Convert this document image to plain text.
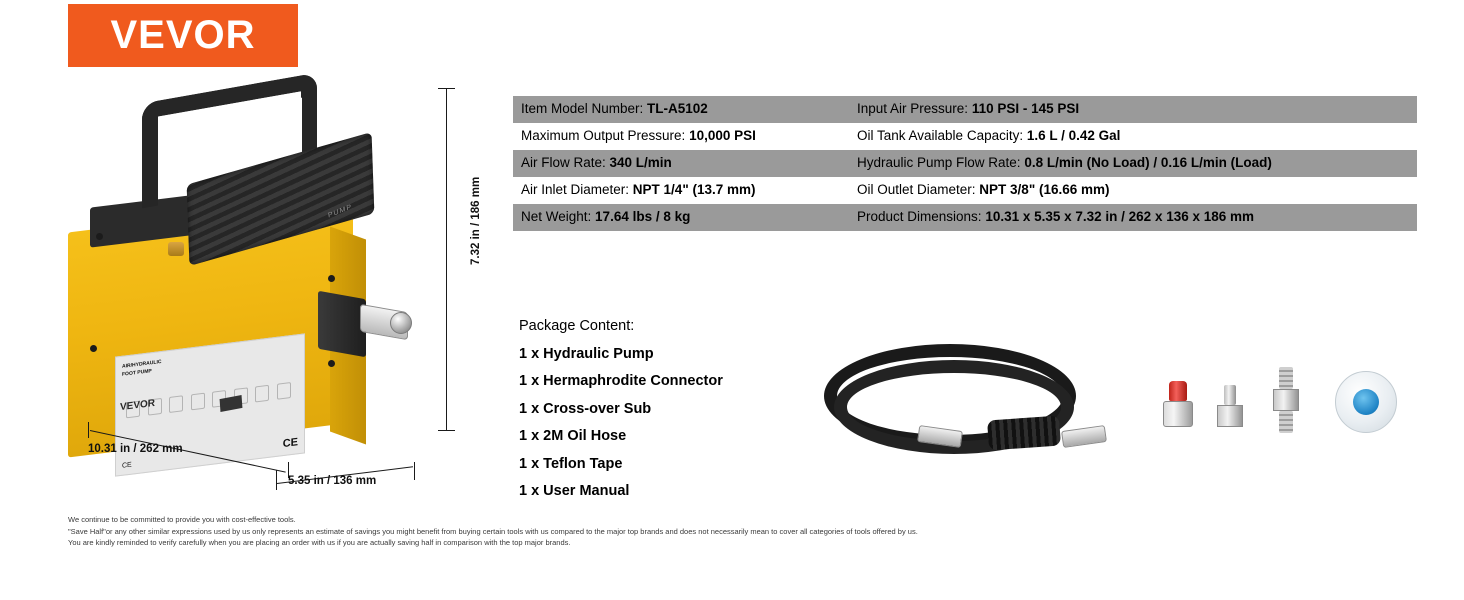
VEVOR
AIR/HYDRAULIC
FOOT PUMP
CE
CE
VEVOR
PUMP	7.32 in / 186 mm
10.31 in / 262 mm
5.35 in / 136 mm
Item Model Number: TL-A5102	Input Air Pressure: 110 PSI - 145 PSI
Maximum Output Pressure: 10,000 PSI	Oil Tank Available Capacity: 1.6 L / 0.42 Gal
Air Flow Rate: 340 L/min	Hydraulic Pump Flow Rate: 0.8 L/min (No Load) / 0.16 L/min (Load)
Air Inlet Diameter: NPT 1/4" (13.7 mm)	Oil Outlet Diameter: NPT 3/8" (16.66 mm)
Net Weight: 17.64 lbs / 8 kg	Product Dimensions: 10.31 x 5.35 x 7.32 in / 262 x 136 x 186 mm
Package Content:
1 x Hydraulic Pump
1 x Hermaphrodite Connector
1 x Cross-over Sub
1 x 2M Oil Hose
1 x Teflon Tape
1 x User Manual
We continue to be committed to provide you with cost-effective tools.
"Save Half"or any other similar expressions used by us only represents an estimate of savings you might benefit from buying certain tools with us compared to the major top brands and does not necessarily mean to cover all categories of tools offered by us.
You are kindly reminded to verify carefully when you are placing an order with us if you are actually saving half in comparison with the top major brands.
